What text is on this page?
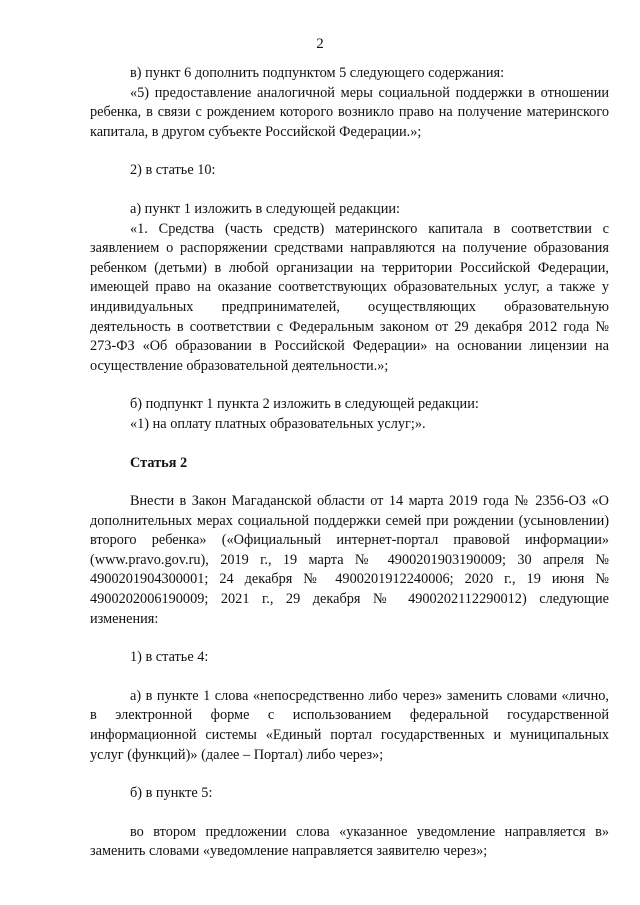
2

в) пункт 6 дополнить подпунктом 5 следующего содержания:

«5) предоставление аналогичной меры социальной поддержки в отношении ребенка, в связи с рождением которого возникло право на получение материнского капитала, в другом субъекте Российской Федерации.»;

2) в статье 10:

а) пункт 1 изложить в следующей редакции:

«1. Средства (часть средств) материнского капитала в соответствии с заявлением о распоряжении средствами направляются на получение образования ребенком (детьми) в любой организации на территории Российской Федерации, имеющей право на оказание соответствующих образовательных услуг, а также у индивидуальных предпринимателей, осуществляющих образовательную деятельность в соответствии с Федеральным законом от 29 декабря 2012 года № 273-ФЗ «Об образовании в Российской Федерации» на основании лицензии на осуществление образовательной деятельности.»;

б) подпункт 1 пункта 2 изложить в следующей редакции:

«1) на оплату платных образовательных услуг;».

Статья 2

Внести в Закон Магаданской области от 14 марта 2019 года № 2356-ОЗ «О дополнительных мерах социальной поддержки семей при рождении (усыновлении) второго ребенка» («Официальный интернет-портал правовой информации» (www.pravo.gov.ru), 2019 г., 19 марта № 4900201903190009; 30 апреля № 4900201904300001; 24 декабря № 4900201912240006; 2020 г., 19 июня № 4900202006190009; 2021 г., 29 декабря № 4900202112290012) следующие изменения:

1) в статье 4:

а) в пункте 1 слова «непосредственно либо через» заменить словами «лично, в электронной форме с использованием федеральной государственной информационной системы «Единый портал государственных и муниципальных услуг (функций)» (далее – Портал) либо через»;

б) в пункте 5:

во втором предложении слова «указанное уведомление направляется в» заменить словами «уведомление направляется заявителю через»;
